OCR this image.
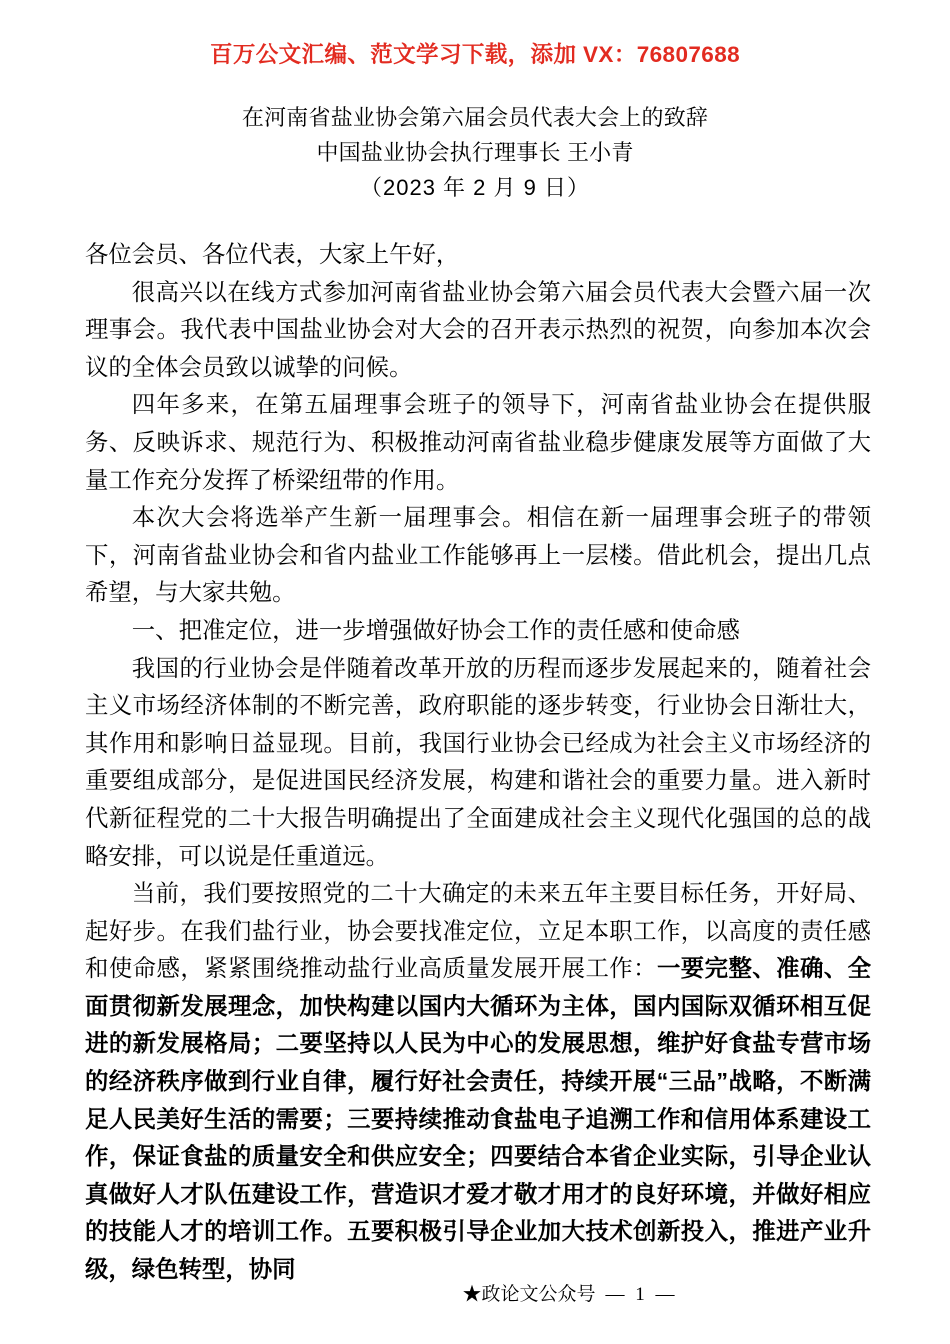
百万公文汇编、范文学习下载，添加 VX：76807688
在河南省盐业协会第六届会员代表大会上的致辞
中国盐业协会执行理事长 王小青
（2023 年 2 月 9 日）

各位会员、各位代表，大家上午好，

很高兴以在线方式参加河南省盐业协会第六届会员代表大会暨六届一次理事会。我代表中国盐业协会对大会的召开表示热烈的祝贺，向参加本次会议的全体会员致以诚挚的问候。

四年多来，在第五届理事会班子的领导下，河南省盐业协会在提供服务、反映诉求、规范行为、积极推动河南省盐业稳步健康发展等方面做了大量工作充分发挥了桥梁纽带的作用。

本次大会将选举产生新一届理事会。相信在新一届理事会班子的带领下，河南省盐业协会和省内盐业工作能够再上一层楼。借此机会，提出几点希望，与大家共勉。

一、把准定位，进一步增强做好协会工作的责任感和使命感

我国的行业协会是伴随着改革开放的历程而逐步发展起来的，随着社会主义市场经济体制的不断完善，政府职能的逐步转变，行业协会日渐壮大，其作用和影响日益显现。目前，我国行业协会已经成为社会主义市场经济的重要组成部分，是促进国民经济发展，构建和谐社会的重要力量。进入新时代新征程党的二十大报告明确提出了全面建成社会主义现代化强国的总的战略安排，可以说是任重道远。

当前，我们要按照党的二十大确定的未来五年主要目标任务，开好局、起好步。在我们盐行业，协会要找准定位，立足本职工作，以高度的责任感和使命感，紧紧围绕推动盐行业高质量发展开展工作：一要完整、准确、全面贯彻新发展理念，加快构建以国内大循环为主体，国内国际双循环相互促进的新发展格局；二要坚持以人民为中心的发展思想，维护好食盐专营市场的经济秩序做到行业自律，履行好社会责任，持续开展“三品”战略，不断满足人民美好生活的需要；三要持续推动食盐电子追溯工作和信用体系建设工作，保证食盐的质量安全和供应安全；四要结合本省企业实际，引导企业认真做好人才队伍建设工作，营造识才爱才敬才用才的良好环境，并做好相应的技能人才的培训工作。五要积极引导企业加大技术创新投入，推进产业升级，绿色转型，协同

★政论文公众号 — 1 —
